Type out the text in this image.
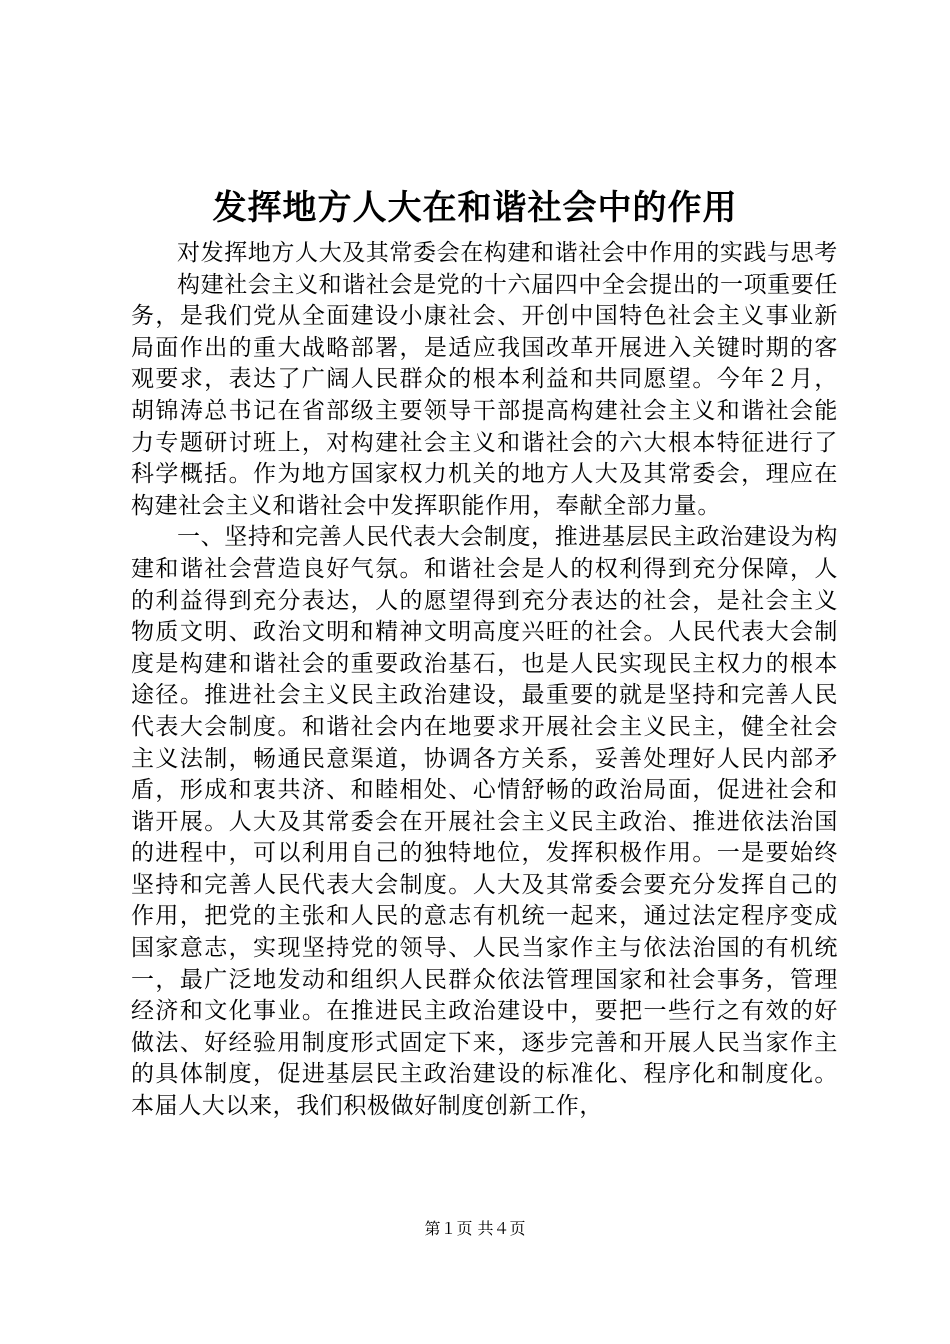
发挥地方人大在和谐社会中的作用

对发挥地方人大及其常委会在构建和谐社会中作用的实践与思考

构建社会主义和谐社会是党的十六届四中全会提出的一项重要任务，是我们党从全面建设小康社会、开创中国特色社会主义事业新局面作出的重大战略部署，是适应我国改革开展进入关键时期的客观要求，表达了广阔人民群众的根本利益和共同愿望。今年２月，胡锦涛总书记在省部级主要领导干部提高构建社会主义和谐社会能力专题研讨班上，对构建社会主义和谐社会的六大根本特征进行了科学概括。作为地方国家权力机关的地方人大及其常委会，理应在构建社会主义和谐社会中发挥职能作用，奉献全部力量。

一、坚持和完善人民代表大会制度，推进基层民主政治建设为构建和谐社会营造良好气氛。和谐社会是人的权利得到充分保障，人的利益得到充分表达，人的愿望得到充分表达的社会，是社会主义物质文明、政治文明和精神文明高度兴旺的社会。人民代表大会制度是构建和谐社会的重要政治基石，也是人民实现民主权力的根本途径。推进社会主义民主政治建设，最重要的就是坚持和完善人民代表大会制度。和谐社会内在地要求开展社会主义民主，健全社会主义法制，畅通民意渠道，协调各方关系，妥善处理好人民内部矛盾，形成和衷共济、和睦相处、心情舒畅的政治局面，促进社会和谐开展。人大及其常委会在开展社会主义民主政治、推进依法治国的进程中，可以利用自己的独特地位，发挥积极作用。一是要始终坚持和完善人民代表大会制度。人大及其常委会要充分发挥自己的作用，把党的主张和人民的意志有机统一起来，通过法定程序变成国家意志，实现坚持党的领导、人民当家作主与依法治国的有机统一，最广泛地发动和组织人民群众依法管理国家和社会事务，管理经济和文化事业。在推进民主政治建设中，要把一些行之有效的好做法、好经验用制度形式固定下来，逐步完善和开展人民当家作主的具体制度，促进基层民主政治建设的标准化、程序化和制度化。本届人大以来，我们积极做好制度创新工作，

第１页 共４页
